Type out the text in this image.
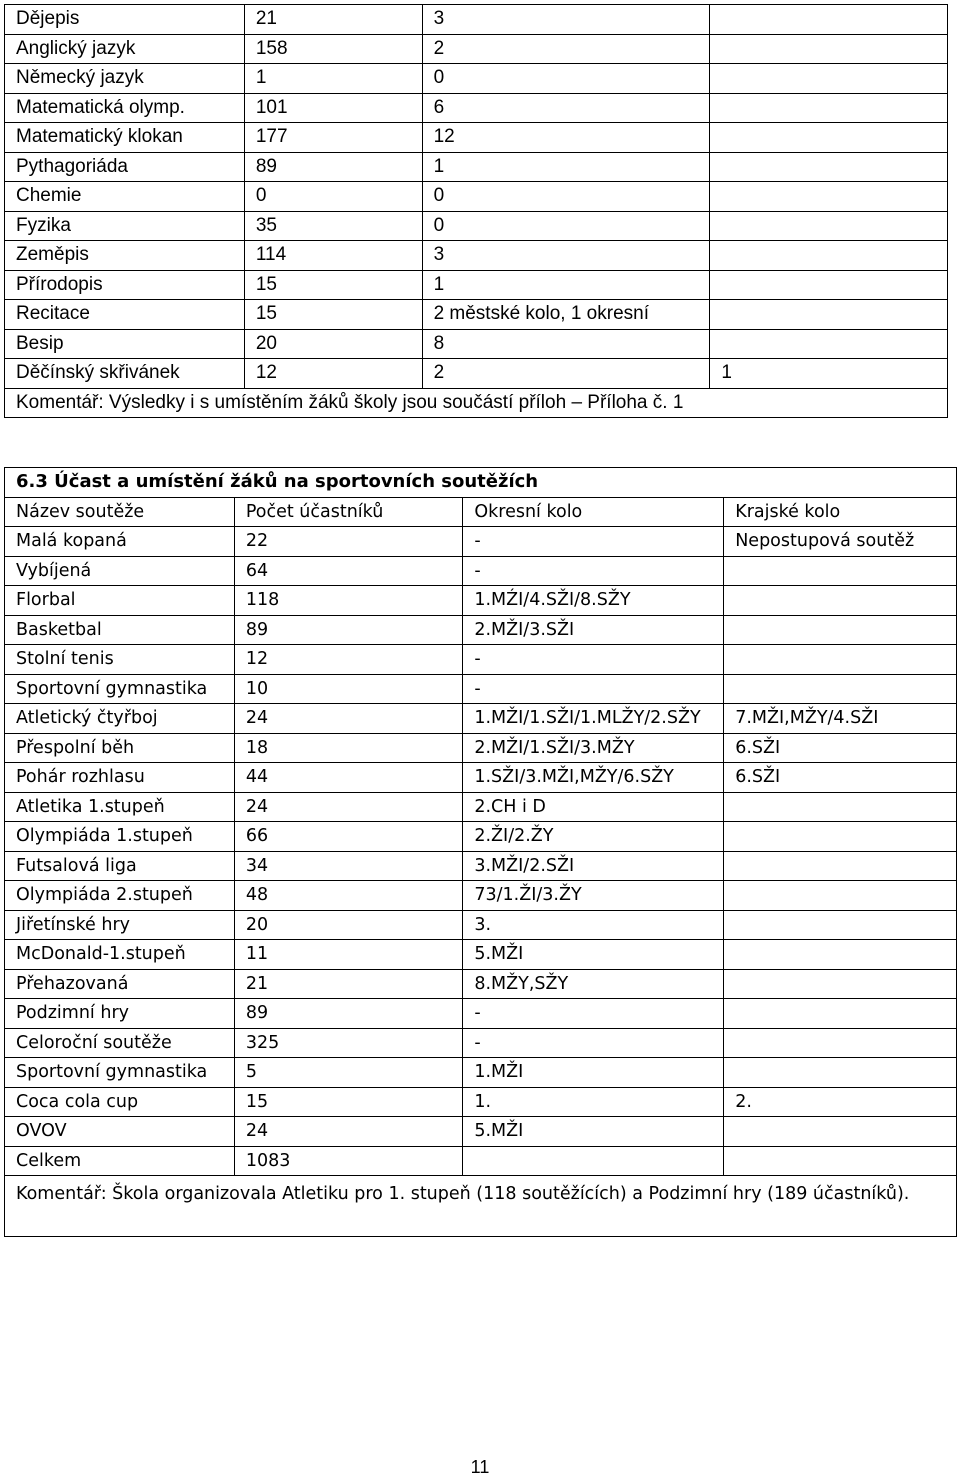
Dějepis	21	3	
Anglický jazyk	158	2	
Německý jazyk	1	0	
Matematická olymp.	101	6	
Matematický klokan	177	12	
Pythagoriáda	89	1	
Chemie	0	0	
Fyzika	35	0	
Zeměpis	114	3	
Přírodopis	15	1	
Recitace	15	2 městské kolo, 1 okresní	
Besip	20	8	
Děčínský skřivánek	12	2	1
Komentář: Výsledky i s umístěním žáků školy jsou součástí příloh – Příloha č. 1			
6.3 Účast a umístění žáků na sportovních soutěžích			
Název soutěže	Počet účastníků	Okresní kolo	Krajské kolo
Malá kopaná	22	-	Nepostupová soutěž
Vybíjená	64	-	
Florbal	118	1.MŹI/4.SŽI/8.SŽY	
Basketbal	89	2.MŽI/3.SŽI	
Stolní tenis	12	-	
Sportovní gymnastika	10	-	
Atletický čtyřboj	24	1.MŽI/1.SŽI/1.MLŽY/2.SŽY	7.MŽI,MŽY/4.SŽI
Přespolní běh	18	2.MŽI/1.SŽI/3.MŽY	6.SŽI
Pohár rozhlasu	44	1.SŽI/3.MŽI,MŽY/6.SŽY	6.SŽI
Atletika 1.stupeň	24	2.CH i D	
Olympiáda 1.stupeň	66	2.ŽI/2.ŽY	
Futsalová liga	34	3.MŽI/2.SŽI	
Olympiáda 2.stupeň	48	73/1.ŽI/3.ŽY	
Jiřetínské hry	20	3.	
McDonald-1.stupeň	11	5.MŽI	
Přehazovaná	21	8.MŽY,SŽY	
Podzimní hry	89	-	
Celoroční soutěže	325	-	
Sportovní gymnastika	5	1.MŽI	
Coca cola cup	15	1.	2.
OVOV	24	5.MŽI	
Celkem	1083		
Komentář: Škola organizovala Atletiku pro 1. stupeň (118 soutěžících) a Podzimní hry (189 účastníků).			
11
